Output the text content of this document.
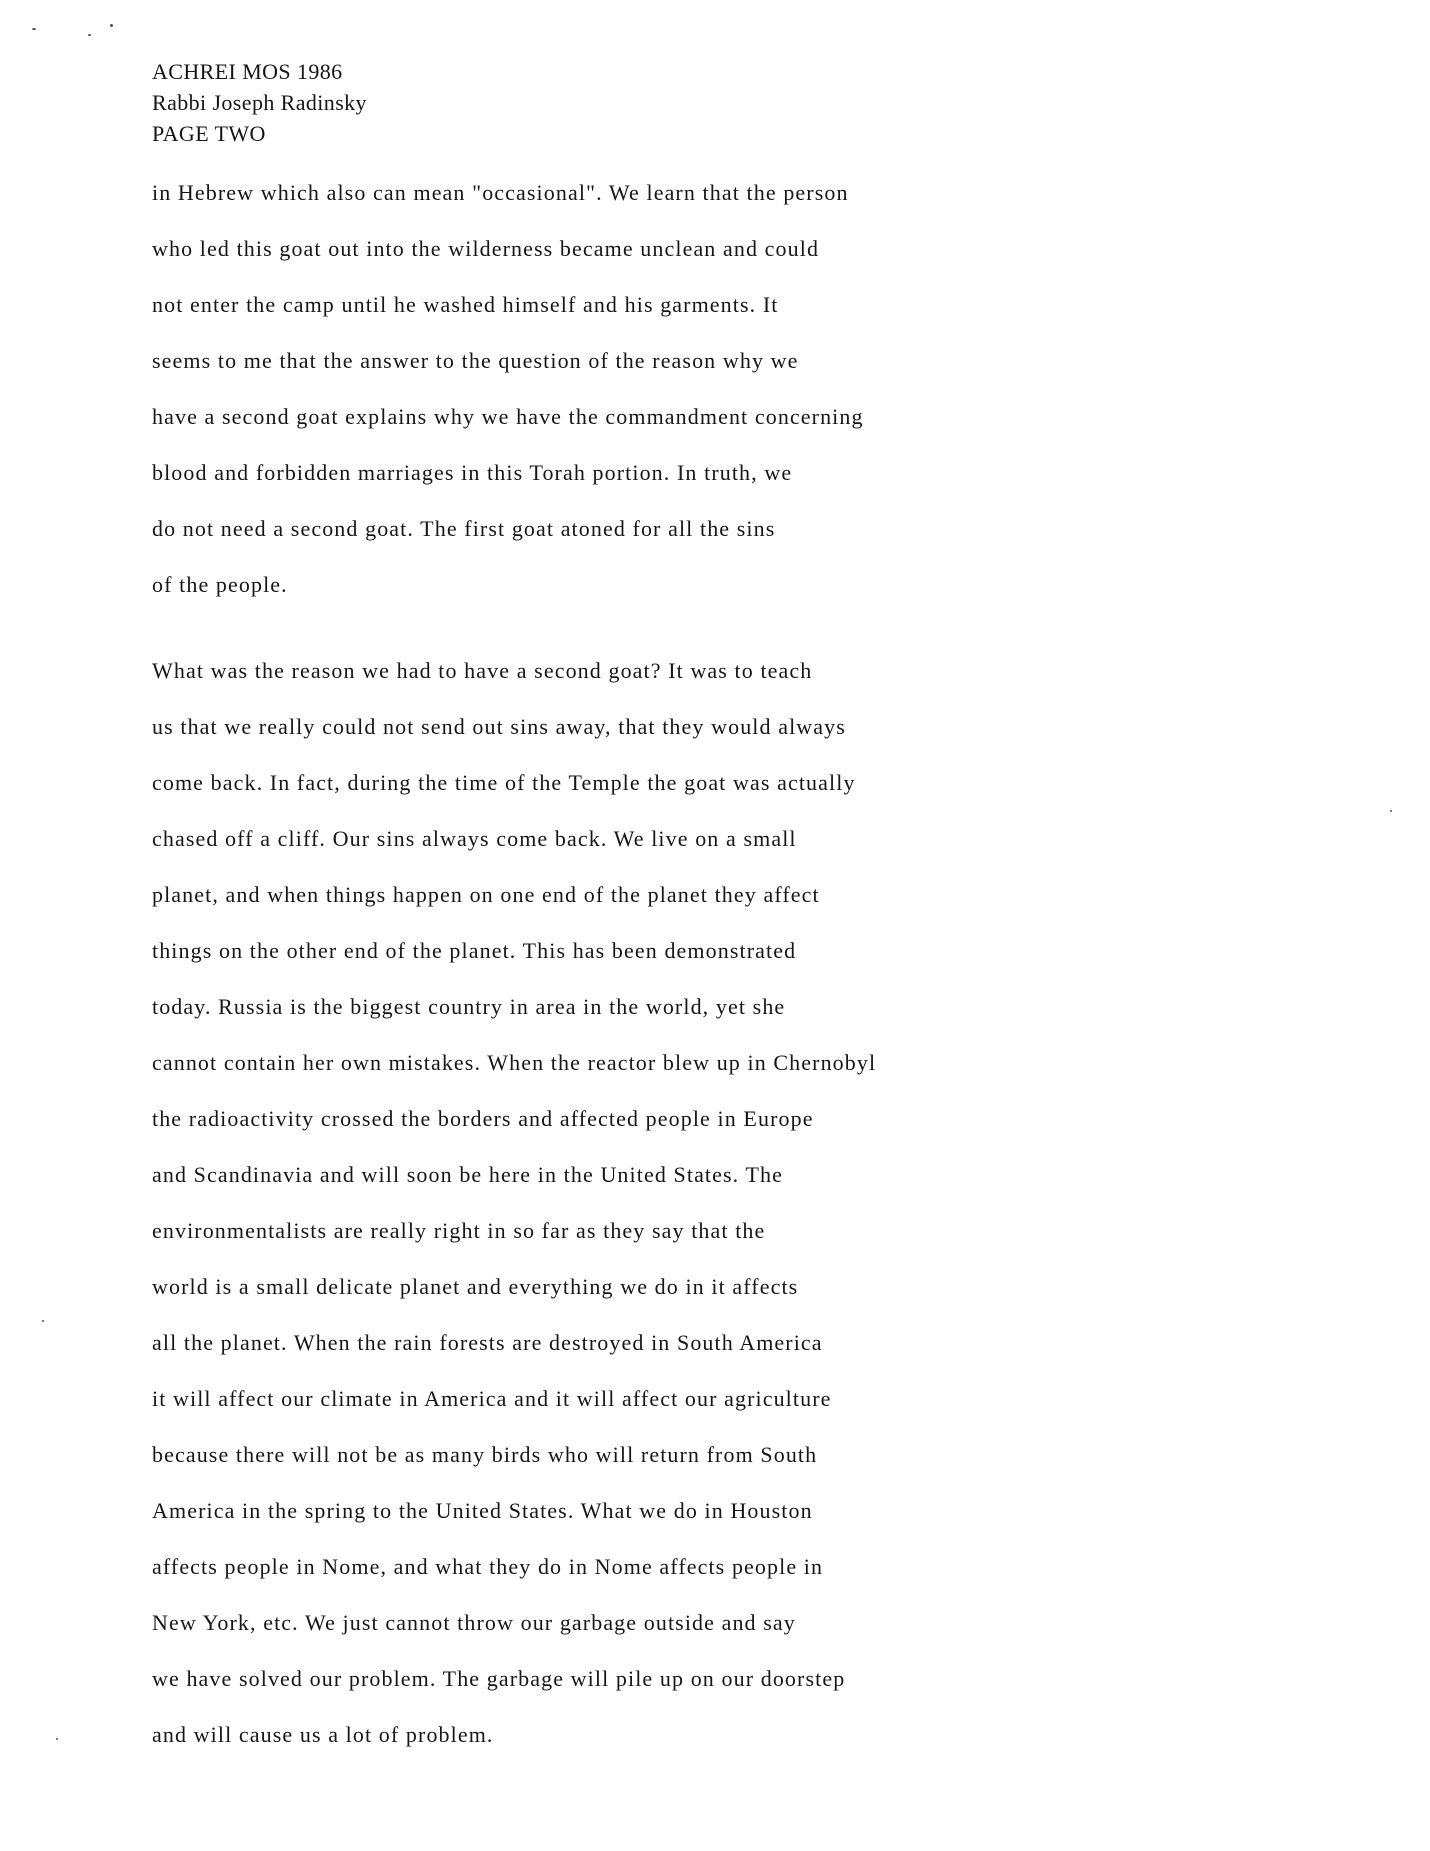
ACHREI MOS 1986
Rabbi Joseph Radinsky
PAGE TWO
in Hebrew which also can mean "occasional". We learn that the person
who led this goat out into the wilderness became unclean and could
not enter the camp until he washed himself and his garments. It
seems to me that the answer to the question of the reason why we
have a second goat explains why we have the commandment concerning
blood and forbidden marriages in this Torah portion. In truth, we
do not need a second goat. The first goat atoned for all the sins
of the people.
What was the reason we had to have a second goat? It was to teach
us that we really could not send out sins away, that they would always
come back. In fact, during the time of the Temple the goat was actually
chased off a cliff. Our sins always come back. We live on a small
planet, and when things happen on one end of the planet they affect
things on the other end of the planet. This has been demonstrated
today. Russia is the biggest country in area in the world, yet she
cannot contain her own mistakes. When the reactor blew up in Chernobyl
the radioactivity crossed the borders and affected people in Europe
and Scandinavia and will soon be here in the United States. The
environmentalists are really right in so far as they say that the
world is a small delicate planet and everything we do in it affects
all the planet. When the rain forests are destroyed in South America
it will affect our climate in America and it will affect our agriculture
because there will not be as many birds who will return from South
America in the spring to the United States. What we do in Houston
affects people in Nome, and what they do in Nome affects people in
New York, etc. We just cannot throw our garbage outside and say
we have solved our problem. The garbage will pile up on our doorstep
and will cause us a lot of problem.
